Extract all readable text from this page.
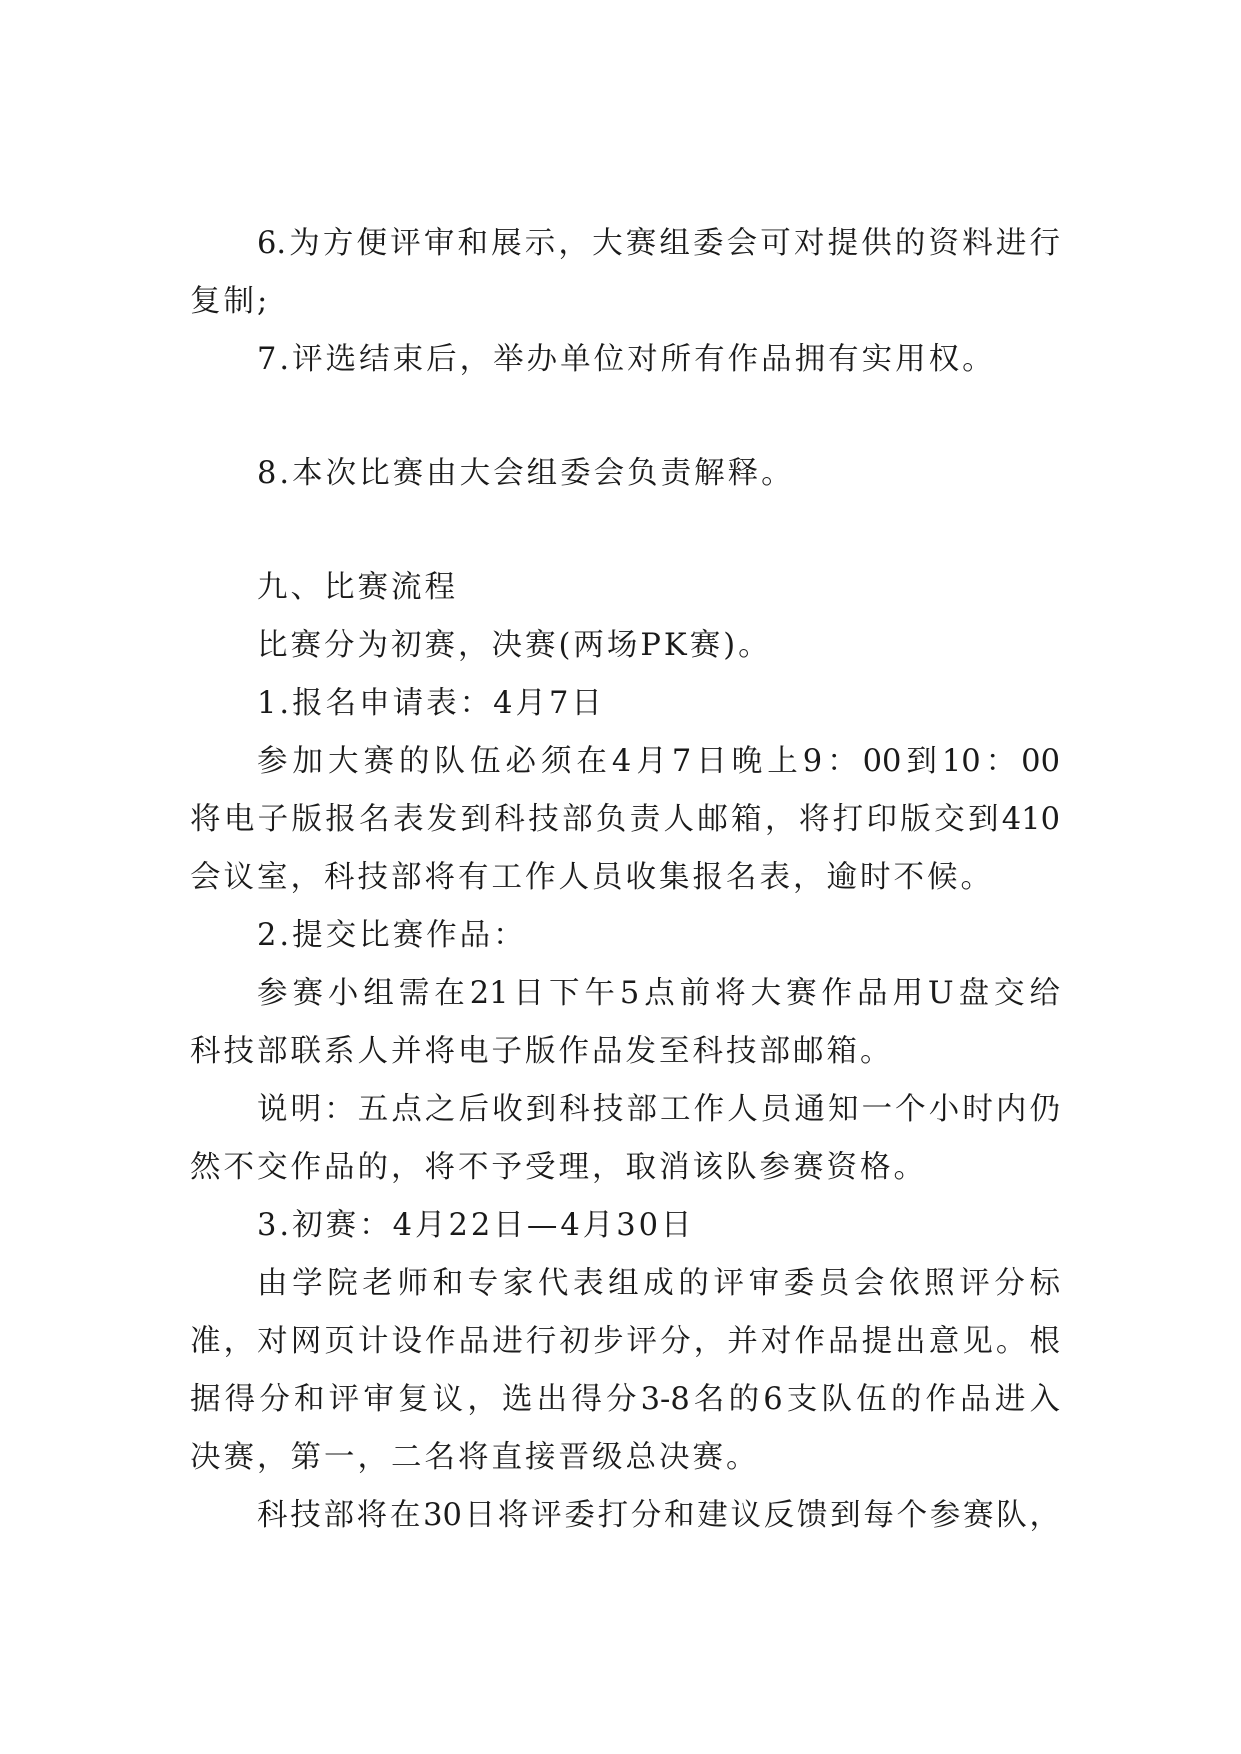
6.为方便评审和展示，大赛组委会可对提供的资料进行

复制;

7.评选结束后，举办单位对所有作品拥有实用权。

8.本次比赛由大会组委会负责解释。

九、比赛流程

比赛分为初赛，决赛(两场PK赛)。

1.报名申请表：4月7日

参加大赛的队伍必须在4月7日晚上9：00到10：00

将电子版报名表发到科技部负责人邮箱，将打印版交到410

会议室，科技部将有工作人员收集报名表，逾时不候。

2.提交比赛作品：

参赛小组需在21日下午5点前将大赛作品用U盘交给

科技部联系人并将电子版作品发至科技部邮箱。

说明：五点之后收到科技部工作人员通知一个小时内仍

然不交作品的，将不予受理，取消该队参赛资格。

3.初赛：4月22日—4月30日

由学院老师和专家代表组成的评审委员会依照评分标

准，对网页计设作品进行初步评分，并对作品提出意见。根

据得分和评审复议，选出得分3-8名的6支队伍的作品进入

决赛，第一，二名将直接晋级总决赛。

科技部将在30日将评委打分和建议反馈到每个参赛队，
